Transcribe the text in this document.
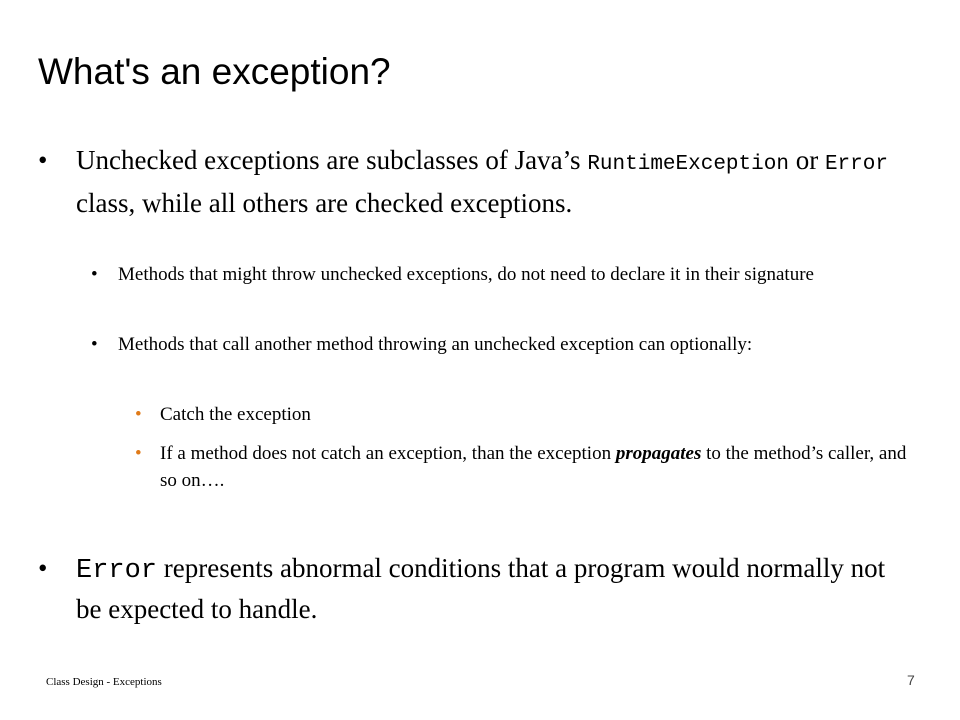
What's an exception?
•	Unchecked exceptions are subclasses of Java’s RuntimeException or Error class, while all others are checked exceptions.
• Methods that might throw unchecked exceptions, do not need to declare it in their signature
• Methods that call another method throwing an unchecked exception can optionally:
• Catch the exception
• If a method does not catch an exception, than the exception propagates to the method’s caller, and so on….
•	Error represents abnormal conditions that a program would normally not be expected to handle.
Class Design - Exceptions	7
